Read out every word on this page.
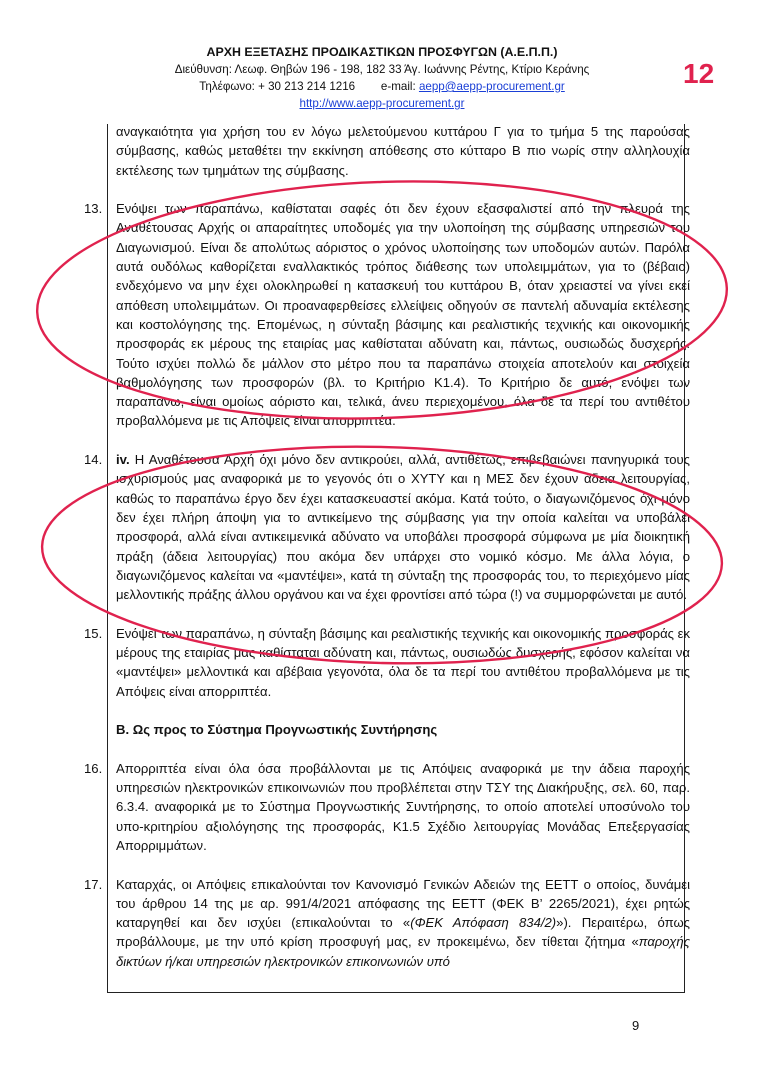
ΑΡΧΗ ΕΞΕΤΑΣΗΣ ΠΡΟΔΙΚΑΣΤΙΚΩΝ ΠΡΟΣΦΥΓΩΝ (Α.Ε.Π.Π.)
Διεύθυνση: Λεωφ. Θηβών 196 - 198, 182 33 Άγ. Ιωάννης Ρέντης, Κτίριο Κεράνης
Τηλέφωνο: + 30 213 214 1216 e-mail: aepp@aepp-procurement.gr
http://www.aepp-procurement.gr
12
αναγκαιότητα για χρήση του εν λόγω μελετούμενου κυττάρου Γ για το τμήμα 5 της παρούσας σύμβασης, καθώς μεταθέτει την εκκίνηση απόθεσης στο κύτταρο Β πιο νωρίς στην αλληλουχία εκτέλεσης των τμημάτων της σύμβασης.
13.	Ενόψει των παραπάνω, καθίσταται σαφές ότι δεν έχουν εξασφαλιστεί από την πλευρά της Αναθέτουσας Αρχής οι απαραίτητες υποδομές για την υλοποίηση της σύμβασης υπηρεσιών του Διαγωνισμού. Είναι δε απολύτως αόριστος ο χρόνος υλοποίησης των υποδομών αυτών. Παρόλα αυτά ουδόλως καθορίζεται εναλλακτικός τρόπος διάθεσης των υπολειμμάτων, για το (βέβαιο) ενδεχόμενο να μην έχει ολοκληρωθεί η κατασκευή του κυττάρου Β, όταν χρειαστεί να γίνει εκεί απόθεση υπολειμμάτων. Οι προαναφερθείσες ελλείψεις οδηγούν σε παντελή αδυναμία εκτέλεσης και κοστολόγησης της. Επομένως, η σύνταξη βάσιμης και ρεαλιστικής τεχνικής και οικονομικής προσφοράς εκ μέρους της εταιρίας μας καθίσταται αδύνατη και, πάντως, ουσιωδώς δυσχερής. Τούτο ισχύει πολλώ δε μάλλον στο μέτρο που τα παραπάνω στοιχεία αποτελούν και στοιχεία βαθμολόγησης των προσφορών (βλ. το Κριτήριο Κ1.4). Το Κριτήριο δε αυτό, ενόψει των παραπάνω, είναι ομοίως αόριστο και, τελικά, άνευ περιεχομένου, όλα δε τα περί του αντιθέτου προβαλλόμενα με τις Απόψεις είναι απορριπτέα.
14.	iv. Η Αναθέτουσα Αρχή όχι μόνο δεν αντικρούει, αλλά, αντιθέτως, επιβεβαιώνει πανηγυρικά τους ισχυρισμούς μας αναφορικά με το γεγονός ότι ο ΧΥΤΥ και η ΜΕΣ δεν έχουν άδεια λειτουργίας, καθώς το παραπάνω έργο δεν έχει κατασκευαστεί ακόμα. Κατά τούτο, ο διαγωνιζόμενος όχι μόνο δεν έχει πλήρη άποψη για το αντικείμενο της σύμβασης για την οποία καλείται να υποβάλει προσφορά, αλλά είναι αντικειμενικά αδύνατο να υποβάλει προσφορά σύμφωνα με μία διοικητική πράξη (άδεια λειτουργίας) που ακόμα δεν υπάρχει στο νομικό κόσμο. Με άλλα λόγια, ο διαγωνιζόμενος καλείται να «μαντέψει», κατά τη σύνταξη της προσφοράς του, το περιεχόμενο μίας μελλοντικής πράξης άλλου οργάνου και να έχει φροντίσει από τώρα (!) να συμμορφώνεται με αυτό.
15.	Ενόψει των παραπάνω, η σύνταξη βάσιμης και ρεαλιστικής τεχνικής και οικονομικής προσφοράς εκ μέρους της εταιρίας μας καθίσταται αδύνατη και, πάντως, ουσιωδώς δυσχερής, εφόσον καλείται να «μαντέψει» μελλοντικά και αβέβαια γεγονότα, όλα δε τα περί του αντιθέτου προβαλλόμενα με τις Απόψεις είναι απορριπτέα.
Β. Ως προς το Σύστημα Προγνωστικής Συντήρησης
16.	Απορριπτέα είναι όλα όσα προβάλλονται με τις Απόψεις αναφορικά με την άδεια παροχής υπηρεσιών ηλεκτρονικών επικοινωνιών που προβλέπεται στην ΤΣΥ της Διακήρυξης, σελ. 60, παρ. 6.3.4. αναφορικά με το Σύστημα Προγνωστικής Συντήρησης, το οποίο αποτελεί υποσύνολο του υπο-κριτηρίου αξιολόγησης της προσφοράς, Κ1.5 Σχέδιο λειτουργίας Μονάδας Επεξεργασίας Απορριμμάτων.
17.	Καταρχάς, οι Απόψεις επικαλούνται τον Κανονισμό Γενικών Αδειών της ΕΕΤΤ ο οποίος, δυνάμει του άρθρου 14 της με αρ. 991/4/2021 απόφασης της ΕΕΤΤ (ΦΕΚ Β’ 2265/2021), έχει ρητώς καταργηθεί και δεν ισχύει (επικαλούνται το «(ΦΕΚ Απόφαση 834/2)»). Περαιτέρω, όπως προβάλλουμε, με την υπό κρίση προσφυγή μας, εν προκειμένω, δεν τίθεται ζήτημα «παροχής δικτύων ή/και υπηρεσιών ηλεκτρονικών επικοινωνιών υπό
9
